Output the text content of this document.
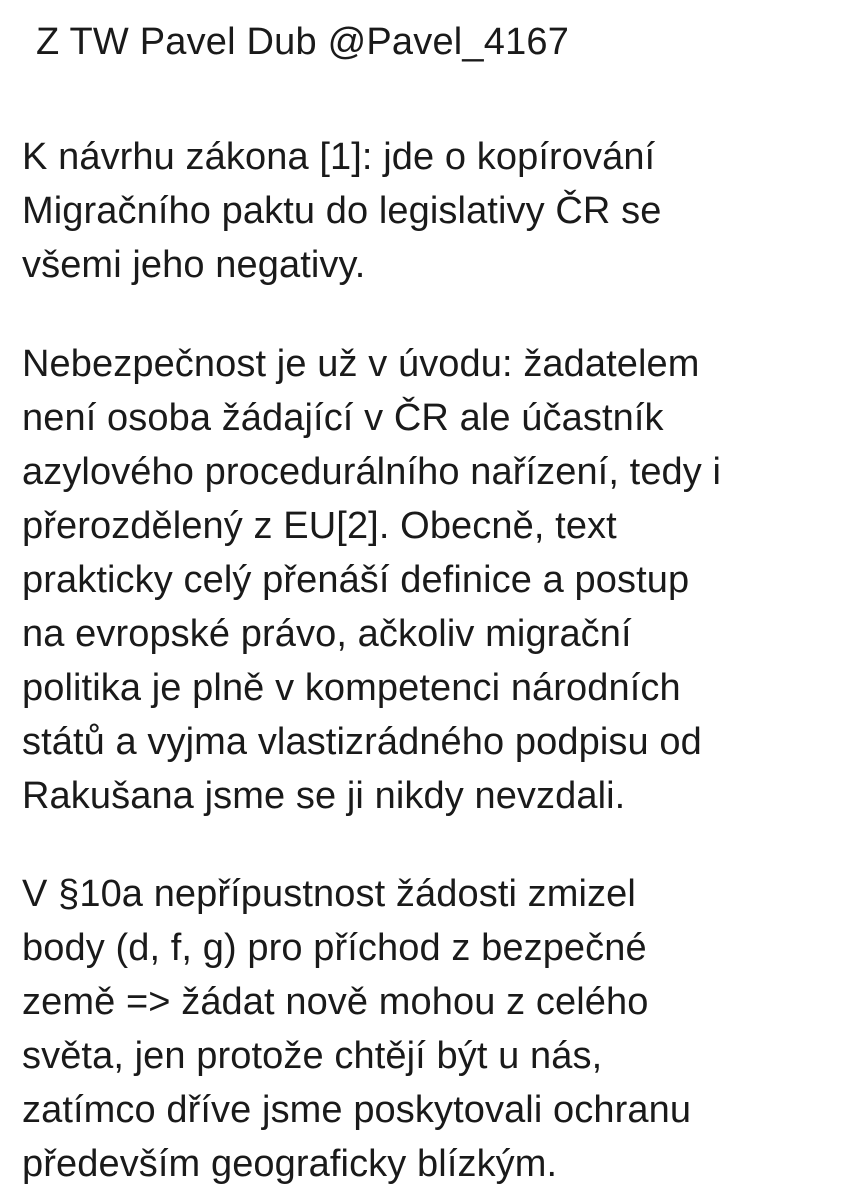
Z TW Pavel Dub @Pavel_4167

K návrhu zákona [1]: jde o kopírování
Migračního paktu do legislativy ČR se
všemi jeho negativy.

Nebezpečnost je už v úvodu: žadatelem
není osoba žádající v ČR ale účastník
azylového procedurálního nařízení, tedy i
přerozdělený z EU[2]. Obecně, text
prakticky celý přenáší definice a postup
na evropské právo, ačkoliv migrační
politika je plně v kompetenci národních
států a vyjma vlastizrádného podpisu od
Rakušana jsme se ji nikdy nevzdali.

V §10a nepřípustnost žádosti zmizel
body (d, f, g) pro příchod z bezpečné
země => žádat nově mohou z celého
světa, jen protože chtějí být u nás,
zatímco dříve jsme poskytovali ochranu
především geograficky blízkým.
